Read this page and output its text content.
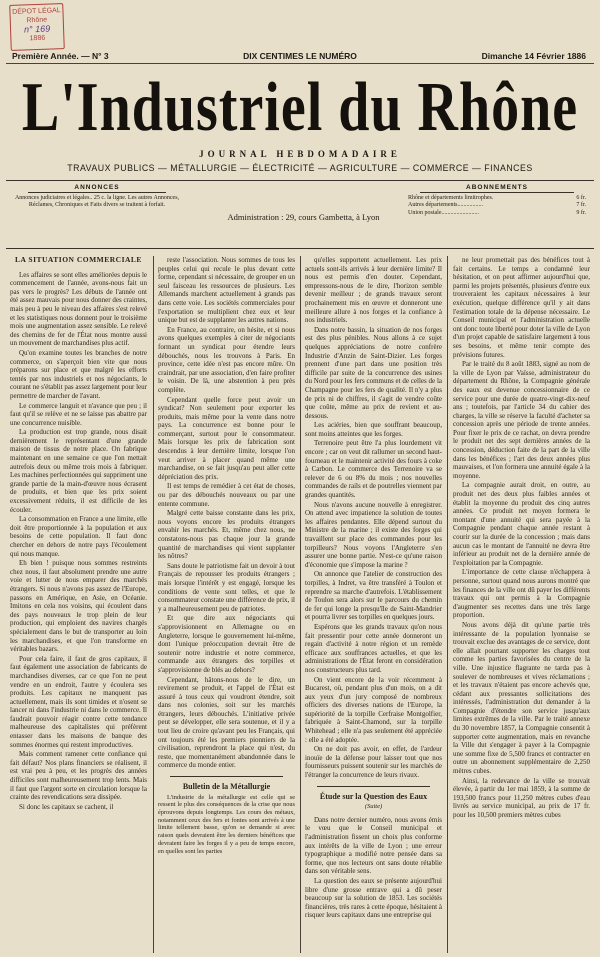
DÉPOT LÉGAL
Rhône
n° 169
1886
DIX CENTIMES LE NUMÉRO
Première Année. — N° 3	Dimanche 14 Février 1886
L'Industriel du Rhône
JOURNAL HEBDOMADAIRE
TRAVAUX PUBLICS — MÉTALLURGIE — ÉLECTRICITÉ — AGRICULTURE — COMMERCE — FINANCES
ANNONCES
Annonces judiciaires et légales.. 25 c. la ligne. Les autres Annonces, Réclames, Chroniques et Faits divers se traitent à forfait.
Administration : 29, cours Gambetta, à Lyon
ABONNEMENTS
Rhône et départements limitrophes.	6 fr.
Autres départements.................	7 fr.
Union postale.........................	9 fr.
LA SITUATION COMMERCIALE

Les affaires se sont elles améliorées depuis le commencement de l'année, avons-nous fait un pas vers le progrès? Les débuts de l'année ont été assez mauvais pour nous donner des craintes, mais peu à peu le niveau des affaires s'est relevé et les statistiques nous donnent pour le troisième mois une augmentation assez sensible. Le relevé des chemins de fer de l'État nous montre aussi un mouvement de marchandises plus actif.

Qu'on examine toutes les branches de notre commerce, on s'aperçoit bien vite que nous préparons sur place et que malgré les efforts tentés par nos industriels et nos négociants, le courant ne s'établit pas assez largement pour leur permettre de marcher de l'avant.

Le commerce languit et n'avance que peu ; il faut qu'il se relève et ne se laisse pas abattre par une concurrence nuisible.

La production est trop grande, nous disait dernièrement le représentant d'une grande maison de tissus de notre place. On fabrique maintenant en une semaine ce que l'on mettait autrefois deux ou même trois mois à fabriquer. Les machines perfectionnées qui suppriment une grande partie de la main-d'œuvre nous écrasent de produits, et bien que les prix soient excessivement réduits, il est difficile de les écouler.

La consommation en France a une limite, elle doit être proportionnée à la population et aux besoins de cette population. Il faut donc chercher en dehors de notre pays l'écoulement qui nous manque.

Eh bien ! puisque nous sommes restreints chez nous, il faut absolument prendre une autre voie et lutter de nous emparer des marchés étrangers. Si nous n'avons pas assez de l'Europe, passons en Amérique, en Asie, en Océanie. Imitons en cela nos voisins, qui écoulent dans des pays nouveaux le trop plein de leur production, qui emploient des navires chargés spécialement dans le but de transporter au loin les marchandises, et que l'on transforme en véritables bazars.

Pour cela faire, il faut de gros capitaux, il faut également une association de fabricants de marchandises diverses, car ce que l'on ne peut vendre en un endroit, l'autre y écoulera ses produits. Les capitaux ne manquent pas actuellement, mais ils sont timides et n'osent se lancer ni dans l'industrie ni dans le commerce. Il faudrait pouvoir réagir contre cette tendance malheureuse des capitalistes qui préfèrent entasser dans les maisons de banque des sommes énormes qui restent improductives.

Mais comment ramener cette confiance qui fait défaut? Nos plans financiers se réalisent, il est vrai peu à peu, et les progrès des années difficiles sont malheureusement trop lents. Mais il faut que l'argent sorte en circulation lorsque la crainte des revendications sera dissipée.

Si donc les capitaux se cachent, il

reste l'association. Nous sommes de tous les peuples celui qui recule le plus devant cette forme, cependant si nécessaire, de grouper en un seul faisceau les ressources de plusieurs. Les Allemands marchent actuellement à grands pas dans cette voie. Les sociétés commerciales pour l'exportation se multiplient chez eux et leur unique but est de supplanter les autres nations.

En France, au contraire, on hésite, et si nous avons quelques exemples à citer de négociants formant un syndicat pour étendre leurs débouchés, nous les trouvons à Paris. En province, cette idée n'est pas encore mûre. On craindrait, par une association, d'en faire profiter le voisin. De là, une abstention à peu près complète.

Cependant quelle force peut avoir un syndicat? Non seulement pour exporter les produits, mais même pour la vente dans notre pays. La concurrence est bonne pour le commerçant, surtout pour le consommateur. Mais lorsque les prix de fabrication sont descendus à leur dernière limite, lorsque l'on veut arriver à placer quand même une marchandise, on se fait jusqu'au peut aller cette dépréciation des prix.

Il est temps de remédier à cet état de choses, ou par des débouchés nouveaux ou par une entente commune.

Malgré cette baisse constante dans les prix, nous voyons encore les produits étrangers envahir les marchés. Et, même chez nous, ne constatons-nous pas chaque jour la grande quantité de marchandises qui vient supplanter les nôtres?

Sans doute le patriotisme fait un devoir à tout Français de repousser les produits étrangers ; mais lorsque l'intérêt y est engagé, lorsque les conditions de vente sont telles, et que le consommateur constate une différence de prix, il y a malheureusement peu de patriotes.

Et que dire aux négociants qui s'approvisionnent en Allemagne ou en Angleterre, lorsque le gouvernement lui-même, dont l'unique préoccupation devrait être de soutenir notre industrie et notre commerce, commande aux étrangers des torpilles et s'approvisionne de blés au dehors?

Cependant, hâtons-nous de le dire, un revirement se produit, et l'appel de l'État est assuré à tous ceux qui voudront étendre, soit dans nos colonies, soit sur les marchés étrangers, leurs débouchés. L'initiative privée peut se développer, elle sera soutenue, et il y a tout lieu de croire qu'avant peu les Français, qui ont toujours été les premiers pionniers de la civilisation, reprendront la place qui n'est, du reste, que momentanément abandonnée dans le commerce du monde entier.

Bulletin de la Métallurgie

L'industrie de la métallurgie est celle qui se ressent le plus des conséquences de la crise que nous éprouvons depuis longtemps. Les cours des métaux, notamment ceux des fers et fontes sont arrivés à une limite tellement basse, qu'on se demande si avec raison quels devraient être les derniers bénéfices que devraient faire les forges il y a peu de temps encore, en quelles sont les parties

qu'elles supportent actuellement. Les prix actuels sont-ils arrivés à leur dernière limite? Il nous est permis d'en douter. Cependant, empressons-nous de le dire, l'horizon semble devenir meilleur ; de grands travaux seront prochainement mis en œuvre et donneront une meilleure allure à nos forges et la confiance à nos industriels.

Dans notre bassin, la situation de nos forges est des plus pénibles. Nous allons à ce sujet quelques appréciations de notre confrère Industrie d'Anzin de Saint-Dizier. Les forges prennent d'une part dans une position très difficile par suite de la concurrence des usines du Nord pour les fers communs et de celles de la Champagne pour les fers de qualité. Il n'y a plus de prix ni de chiffres, il s'agit de vendre coûte que coûte, même au prix de revient et au-dessous.

Les aciéries, bien que souffrant beaucoup, sont moins atteintes que les forges.

Terrenoire peut être l'a plus lourdement vit encore ; car on veut dit rallumer un second haut-fourneau et le maintenir activité des fours à coke à Carbon. Le commerce des Terrenoire va se relever de 6 ou 8% du mois ; nos nouvelles commandes de rails et de poutrelles viennent par grandes quantités.

Nous n'avons aucune nouvelle à enregistrer. On attend avec impatience la solution de toutes les affaires pendantes. Elle dépend surtout du Ministre de la marine ; il existe des forges qui travaillent sur place des commandes pour les torpilleurs? Nous voyons l'Angleterre s'en assurer une bonne partie. N'est-ce qu'une raison d'économie que s'impose la marine ?

On annonce que l'atelier de construction des torpilles, à Indret, va être transféré à Toulon et reprendre sa marche d'autrefois. L'établissement de Toulon sera alors sur le parcours du chemin de fer qui longe la presqu'île de Saint-Mandrier et pourra livrer ses torpilles en quelques jours.

Espérons que les grands travaux qu'on nous fait pressentir pour cette année donneront un regain d'activité à notre région et un remède efficace aux souffrances actuelles, et que les administrations de l'État feront en considération nos constructeurs plus tard.

On vient encore de la voir récemment à Bucarest, où, pendant plus d'un mois, on a dit aux yeux d'un jury composé de nombreux officiers des diverses nations de l'Europe, la supériorité de la torpille Cerfraise Montgolfier, fabriquée à Saint-Chamond, sur la torpille Whitehead ; elle n'a pas seulement été appréciée : elle a été adoptée.

On ne doit pas avoir, en effet, de l'ardeur inouïe de la défense pour laisser tout que nos fournisseurs puissent soutenir sur les marchés de l'étranger la concurrence de leurs rivaux.

Étude sur la Question des Eaux
(Suite)

Dans notre dernier numéro, nous avons émis le vœu que le Conseil municipal et l'administration fissent un choix plus conforme aux intérêts de la ville de Lyon ; une erreur typographique a modifié notre pensée dans sa forme, que nos lecteurs ont sans doute rétablie dans son véritable sens.

La question des eaux se présente aujourd'hui libre d'une grosse entrave qui a dû peser beaucoup sur la solution de 1853. Les sociétés financières, très rares à cette époque, hésitaient à risquer leurs capitaux dans une entreprise qui

ne leur promettait pas des bénéfices tout à fait certains. Le temps a condamné leur hésitation, et on peut affirmer aujourd'hui que, parmi les projets présentés, plusieurs d'entre eux trouveraient les capitaux nécessaires à leur exécution, quelque différence qu'il y ait dans l'estimation totale de la dépense nécessaire. Le Conseil municipal et l'administration actuelle ont donc toute liberté pour doter la ville de Lyon d'un projet capable de satisfaire largement à tous ses besoins, et même tenir compte des prévisions futures.

Par le traité du 8 août 1883, signé au nom de la ville de Lyon par Vaïsse, administrateur du département du Rhône, la Compagnie générale des eaux est devenue concessionnaire de ce service pour une durée de quatre-vingt-dix-neuf ans ; toutefois, par l'article 34 du cahier des charges, la ville se réserve la faculté d'acheter sa concession après une période de trente années. Pour fixer le prix de ce rachat, on devra prendre le produit net des sept dernières années de la concession, déduction faite de la part de la ville dans les bénéfices ; l'art des deux années plus mauvaises, et l'on formera une annuité égale à la moyenne.

La compagnie aurait droit, en outre, au produit net des deux plus faibles années et établit la moyenne du produit des cinq autres années. Ce produit net moyen formera le montant d'une annuité qui sera payée à la Compagnie pendant chaque année restant à courir sur la durée de la concession ; mais dans aucun cas le montant de l'annuité ne devra être inférieur au produit net de la dernière année de l'exploitation par la Compagnie.

L'importance de cette clause n'échappera à personne, surtout quand nous aurons montré que les finances de la ville ont dû payer les différents travaux qui ont permis à la Compagnie d'augmenter ses recettes dans une très large proportion.

Nous avons déjà dit qu'une partie très intéressante de la population lyonnaise se trouvait exclue des avantages de ce service, dont elle allait pourtant supporter les charges tout comme les parties favorisées du centre de la ville. Une injustice flagrante ne tarda pas à soulever de nombreuses et vives réclamations ; et les travaux n'étaient pas encore achevés que, cédant aux pressantes sollicitations des intéressés, l'administration dut demander à la Compagnie d'étendre son service jusqu'aux limites extrêmes de la ville. Par le traité annexe du 30 novembre 1857, la Compagnie consentit à supporter cette augmentation, mais en revanche la Ville dut s'engager à payer à la Compagnie une somme fixe de 5,500 francs et contracter en outre un abonnement supplémentaire de 2,250 mètres cubes.

Ainsi, la redevance de la ville se trouvait élevée, à partir du 1er mai 1859, à la somme de 193,500 francs pour 11,250 mètres cubes d'eau livrés au service municipal, au prix de 17 fr. pour les 10,500 premiers mètres cubes
